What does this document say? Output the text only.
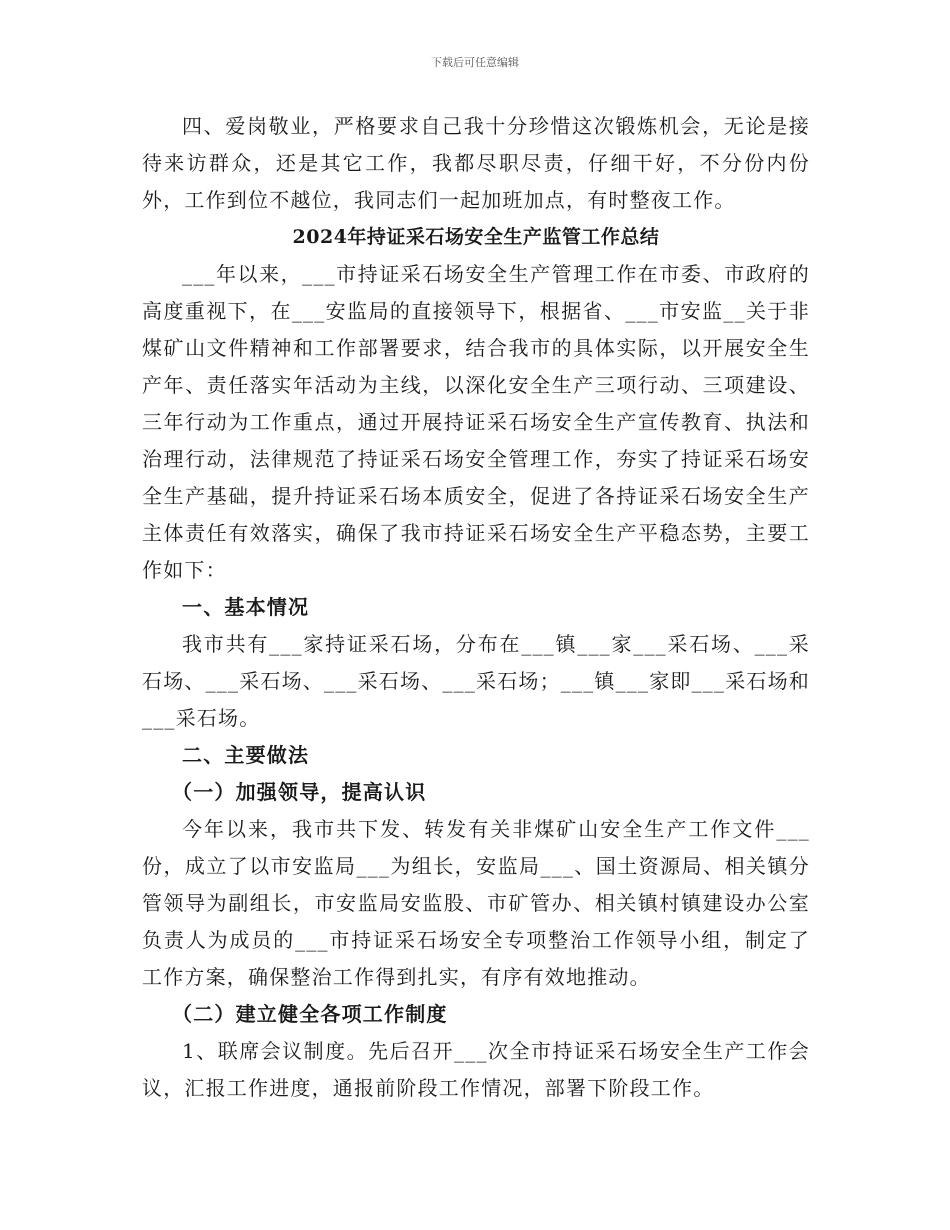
下载后可任意编辑

四、爱岗敬业，严格要求自己我十分珍惜这次锻炼机会，无论是接待来访群众，还是其它工作，我都尽职尽责，仔细干好，不分份内份外，工作到位不越位，我同志们一起加班加点，有时整夜工作。

2024年持证采石场安全生产监管工作总结

___年以来，___市持证采石场安全生产管理工作在市委、市政府的高度重视下，在___安监局的直接领导下，根据省、___市安监__关于非煤矿山文件精神和工作部署要求，结合我市的具体实际，以开展安全生产年、责任落实年活动为主线，以深化安全生产三项行动、三项建设、三年行动为工作重点，通过开展持证采石场安全生产宣传教育、执法和治理行动，法律规范了持证采石场安全管理工作，夯实了持证采石场安全生产基础，提升持证采石场本质安全，促进了各持证采石场安全生产主体责任有效落实，确保了我市持证采石场安全生产平稳态势，主要工作如下：

一、基本情况

我市共有___家持证采石场，分布在___镇___家___采石场、___采石场、___采石场、___采石场、___采石场；___镇___家即___采石场和___采石场。

二、主要做法
（一）加强领导，提高认识

今年以来，我市共下发、转发有关非煤矿山安全生产工作文件___份，成立了以市安监局___为组长，安监局___、国土资源局、相关镇分管领导为副组长，市安监局安监股、市矿管办、相关镇村镇建设办公室负责人为成员的___市持证采石场安全专项整治工作领导小组，制定了工作方案，确保整治工作得到扎实，有序有效地推动。

（二）建立健全各项工作制度

1、联席会议制度。先后召开___次全市持证采石场安全生产工作会议，汇报工作进度，通报前阶段工作情况，部署下阶段工作。
